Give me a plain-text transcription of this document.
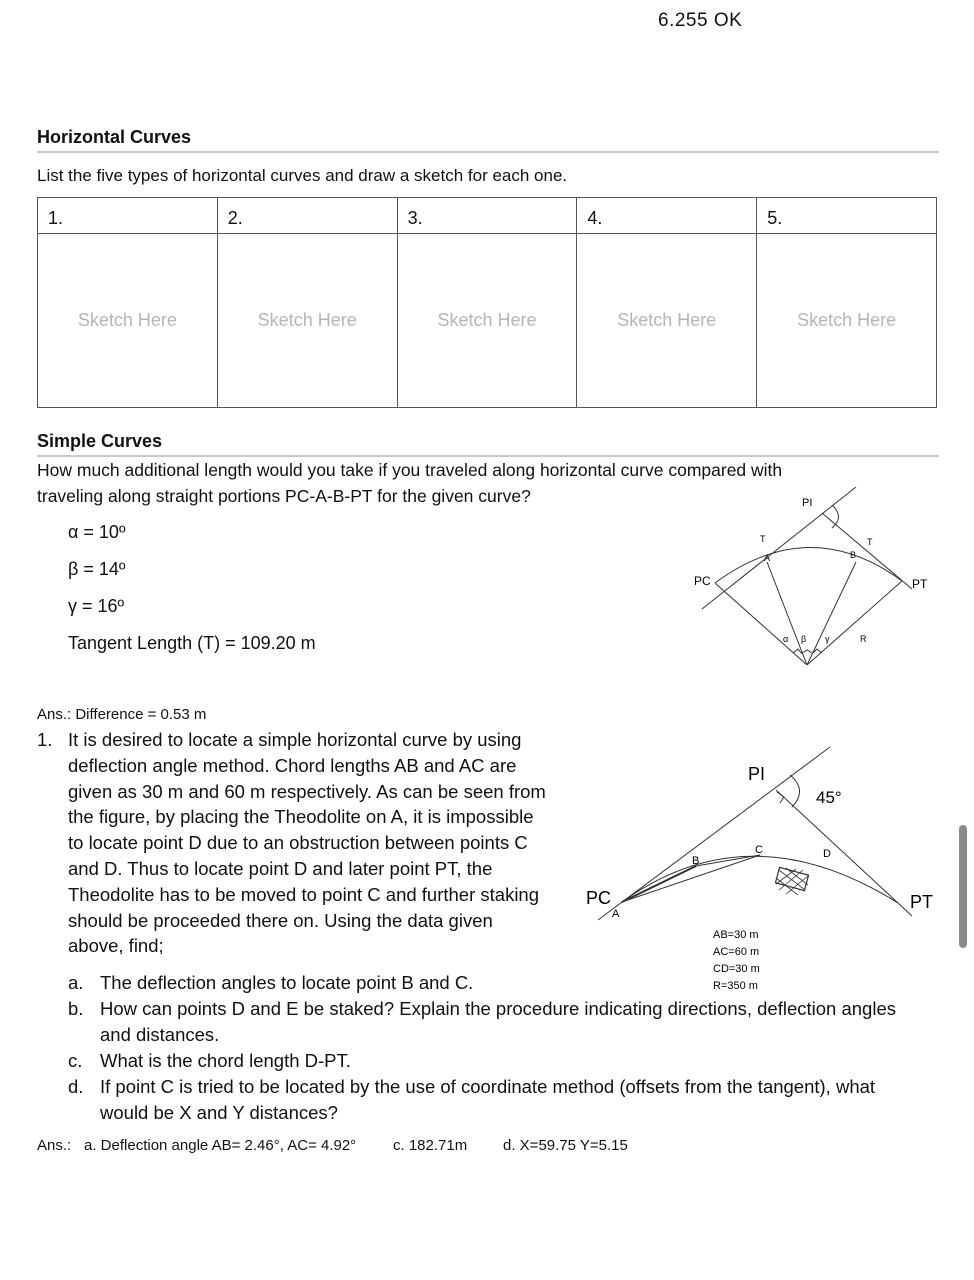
6.255 OK
Horizontal Curves
List the five types of horizontal curves and draw a sketch for each one.
1.	2.	3.	4.	5.
Sketch Here	Sketch Here	Sketch Here	Sketch Here	Sketch Here
Simple Curves
How much additional length would you take if you traveled along horizontal curve compared with
traveling along straight portions PC-A-B-PT for the given curve?
α = 10º
β = 14º
γ = 16º
Tangent Length (T) = 109.20 m
PI
PC	PT
T	T
A	B
α β γ	R
Ans.: Difference = 0.53 m
1. It is desired to locate a simple horizontal curve by using
deflection angle method. Chord lengths AB and AC are
given as 30 m and 60 m respectively. As can be seen from
the figure, by placing the Theodolite on A, it is impossible
to locate point D due to an obstruction between points C
and D. Thus to locate point D and later point PT, the
Theodolite has to be moved to point C and further staking
should be proceeded there on. Using the data given
above, find;
PI
45°
PC	PT
A
B
C	D
AB=30 m
AC=60 m
CD=30 m
R=350 m
a. The deflection angles to locate point B and C.
b. How can points D and E be staked? Explain the procedure indicating directions, deflection angles
and distances.
c. What is the chord length D-PT.
d. If point C is tried to be located by the use of coordinate method (offsets from the tangent), what
would be X and Y distances?
Ans.: a. Deflection angle AB= 2.46°, AC= 4.92° c. 182.71m d. X=59.75 Y=5.15
